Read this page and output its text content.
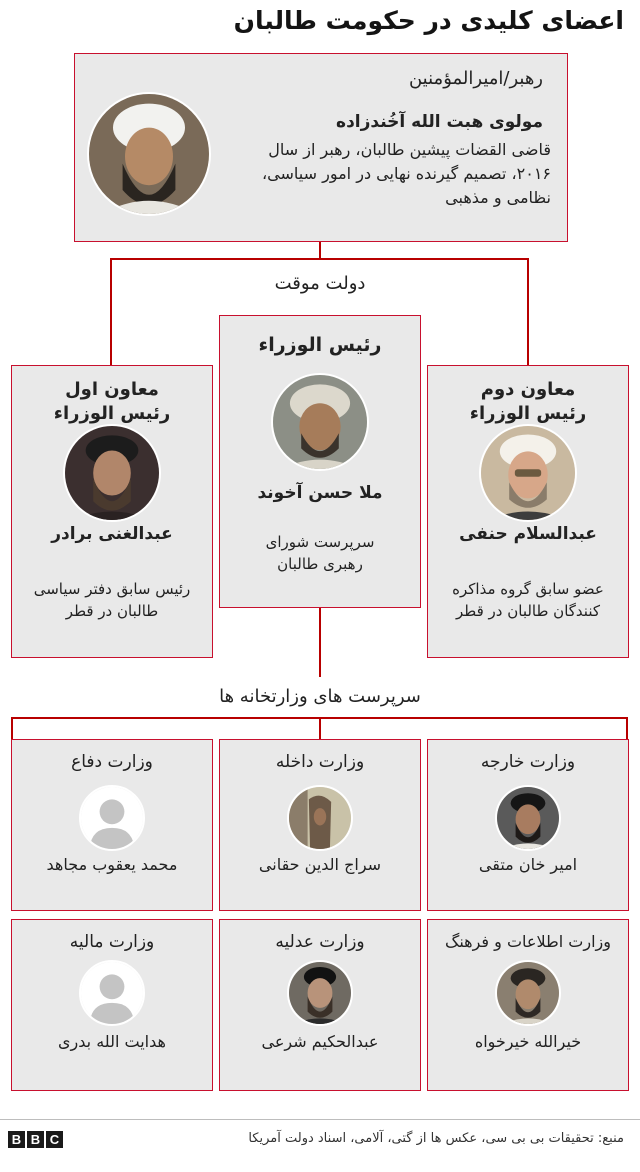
اعضای کلیدی در حکومت طالبان
رهبر/امیرالمؤمنین
مولوی هبت الله آخُندزاده
قاضی القضات پیشین طالبان، رهبر از سال
۲۰۱۶، تصمیم گیرنده نهایی در امور سیاسی،
نظامی و مذهبی
دولت موقت
رئیس الوزراء
ملا حسن آخوند
سرپرست شورای
رهبری طالبان
معاون اول
رئیس الوزراء
عبدالغنی برادر
رئیس سابق دفتر سیاسی
طالبان در قطر
معاون دوم
رئیس الوزراء
عبدالسلام حنفی
عضو سابق گروه مذاکره
کنندگان طالبان در قطر
سرپرست های وزارتخانه ها
وزارت خارجه
امیر خان متقی
وزارت داخله
سراج الدین حقانی
وزارت دفاع
محمد یعقوب مجاهد
وزارت اطلاعات و فرهنگ
خیرالله خیرخواه
وزارت عدلیه
عبدالحکیم شرعی
وزارت مالیه
هدایت الله بدری
B B C	منبع: تحقیقات بی بی سی، عکس ها از گتی، آلامی، اسناد دولت آمریکا
